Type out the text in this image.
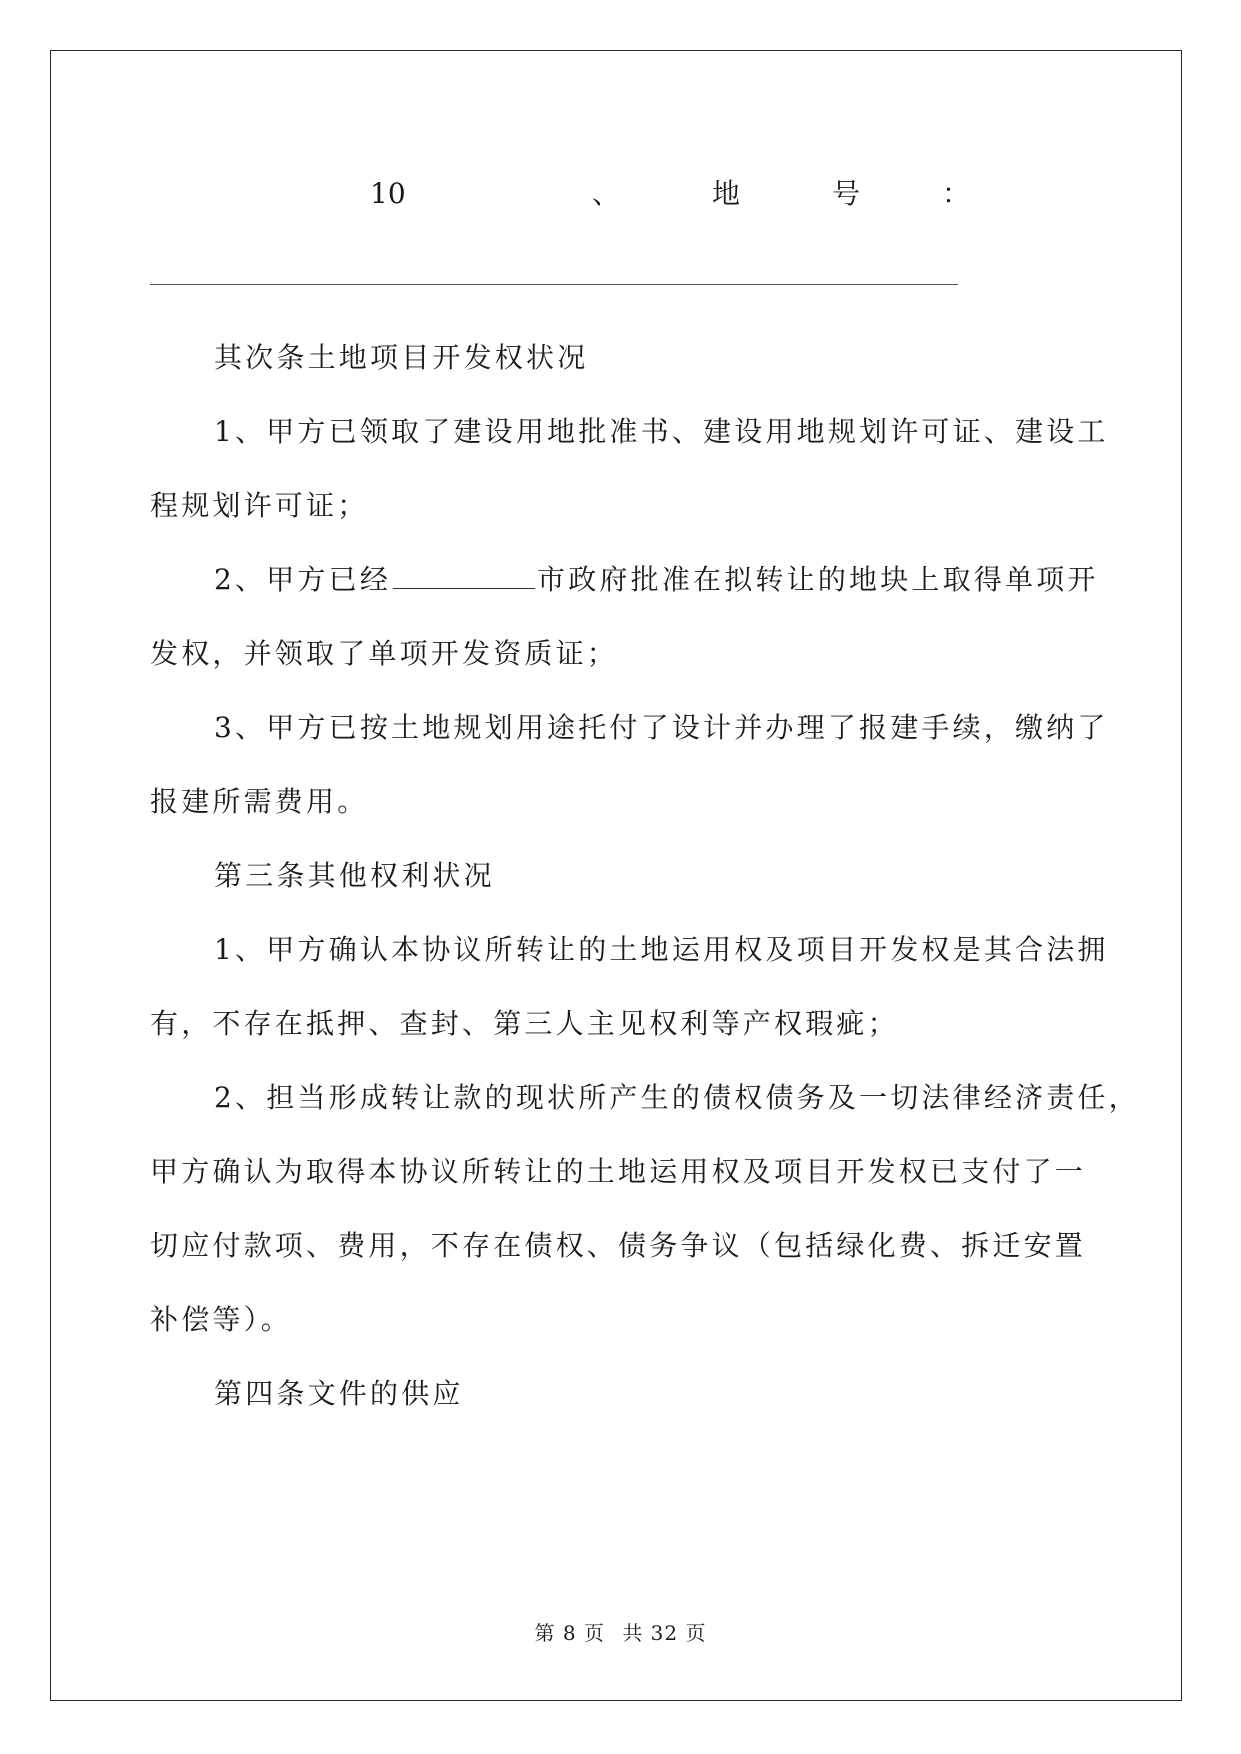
10	、	地	号	：
其次条土地项目开发权状况
1、甲方已领取了建设用地批准书、建设用地规划许可证、建设工
程规划许可证；
2、甲方已经	市政府批准在拟转让的地块上取得单项开
发权，并领取了单项开发资质证；
3、甲方已按土地规划用途托付了设计并办理了报建手续，缴纳了
报建所需费用。
第三条其他权利状况
1、甲方确认本协议所转让的土地运用权及项目开发权是其合法拥
有，不存在抵押、查封、第三人主见权利等产权瑕疵；
2、担当形成转让款的现状所产生的债权债务及一切法律经济责任，
甲方确认为取得本协议所转让的土地运用权及项目开发权已支付了一
切应付款项、费用，不存在债权、债务争议（包括绿化费、拆迁安置
补偿等）。
第四条文件的供应
第 8 页 共 32 页
